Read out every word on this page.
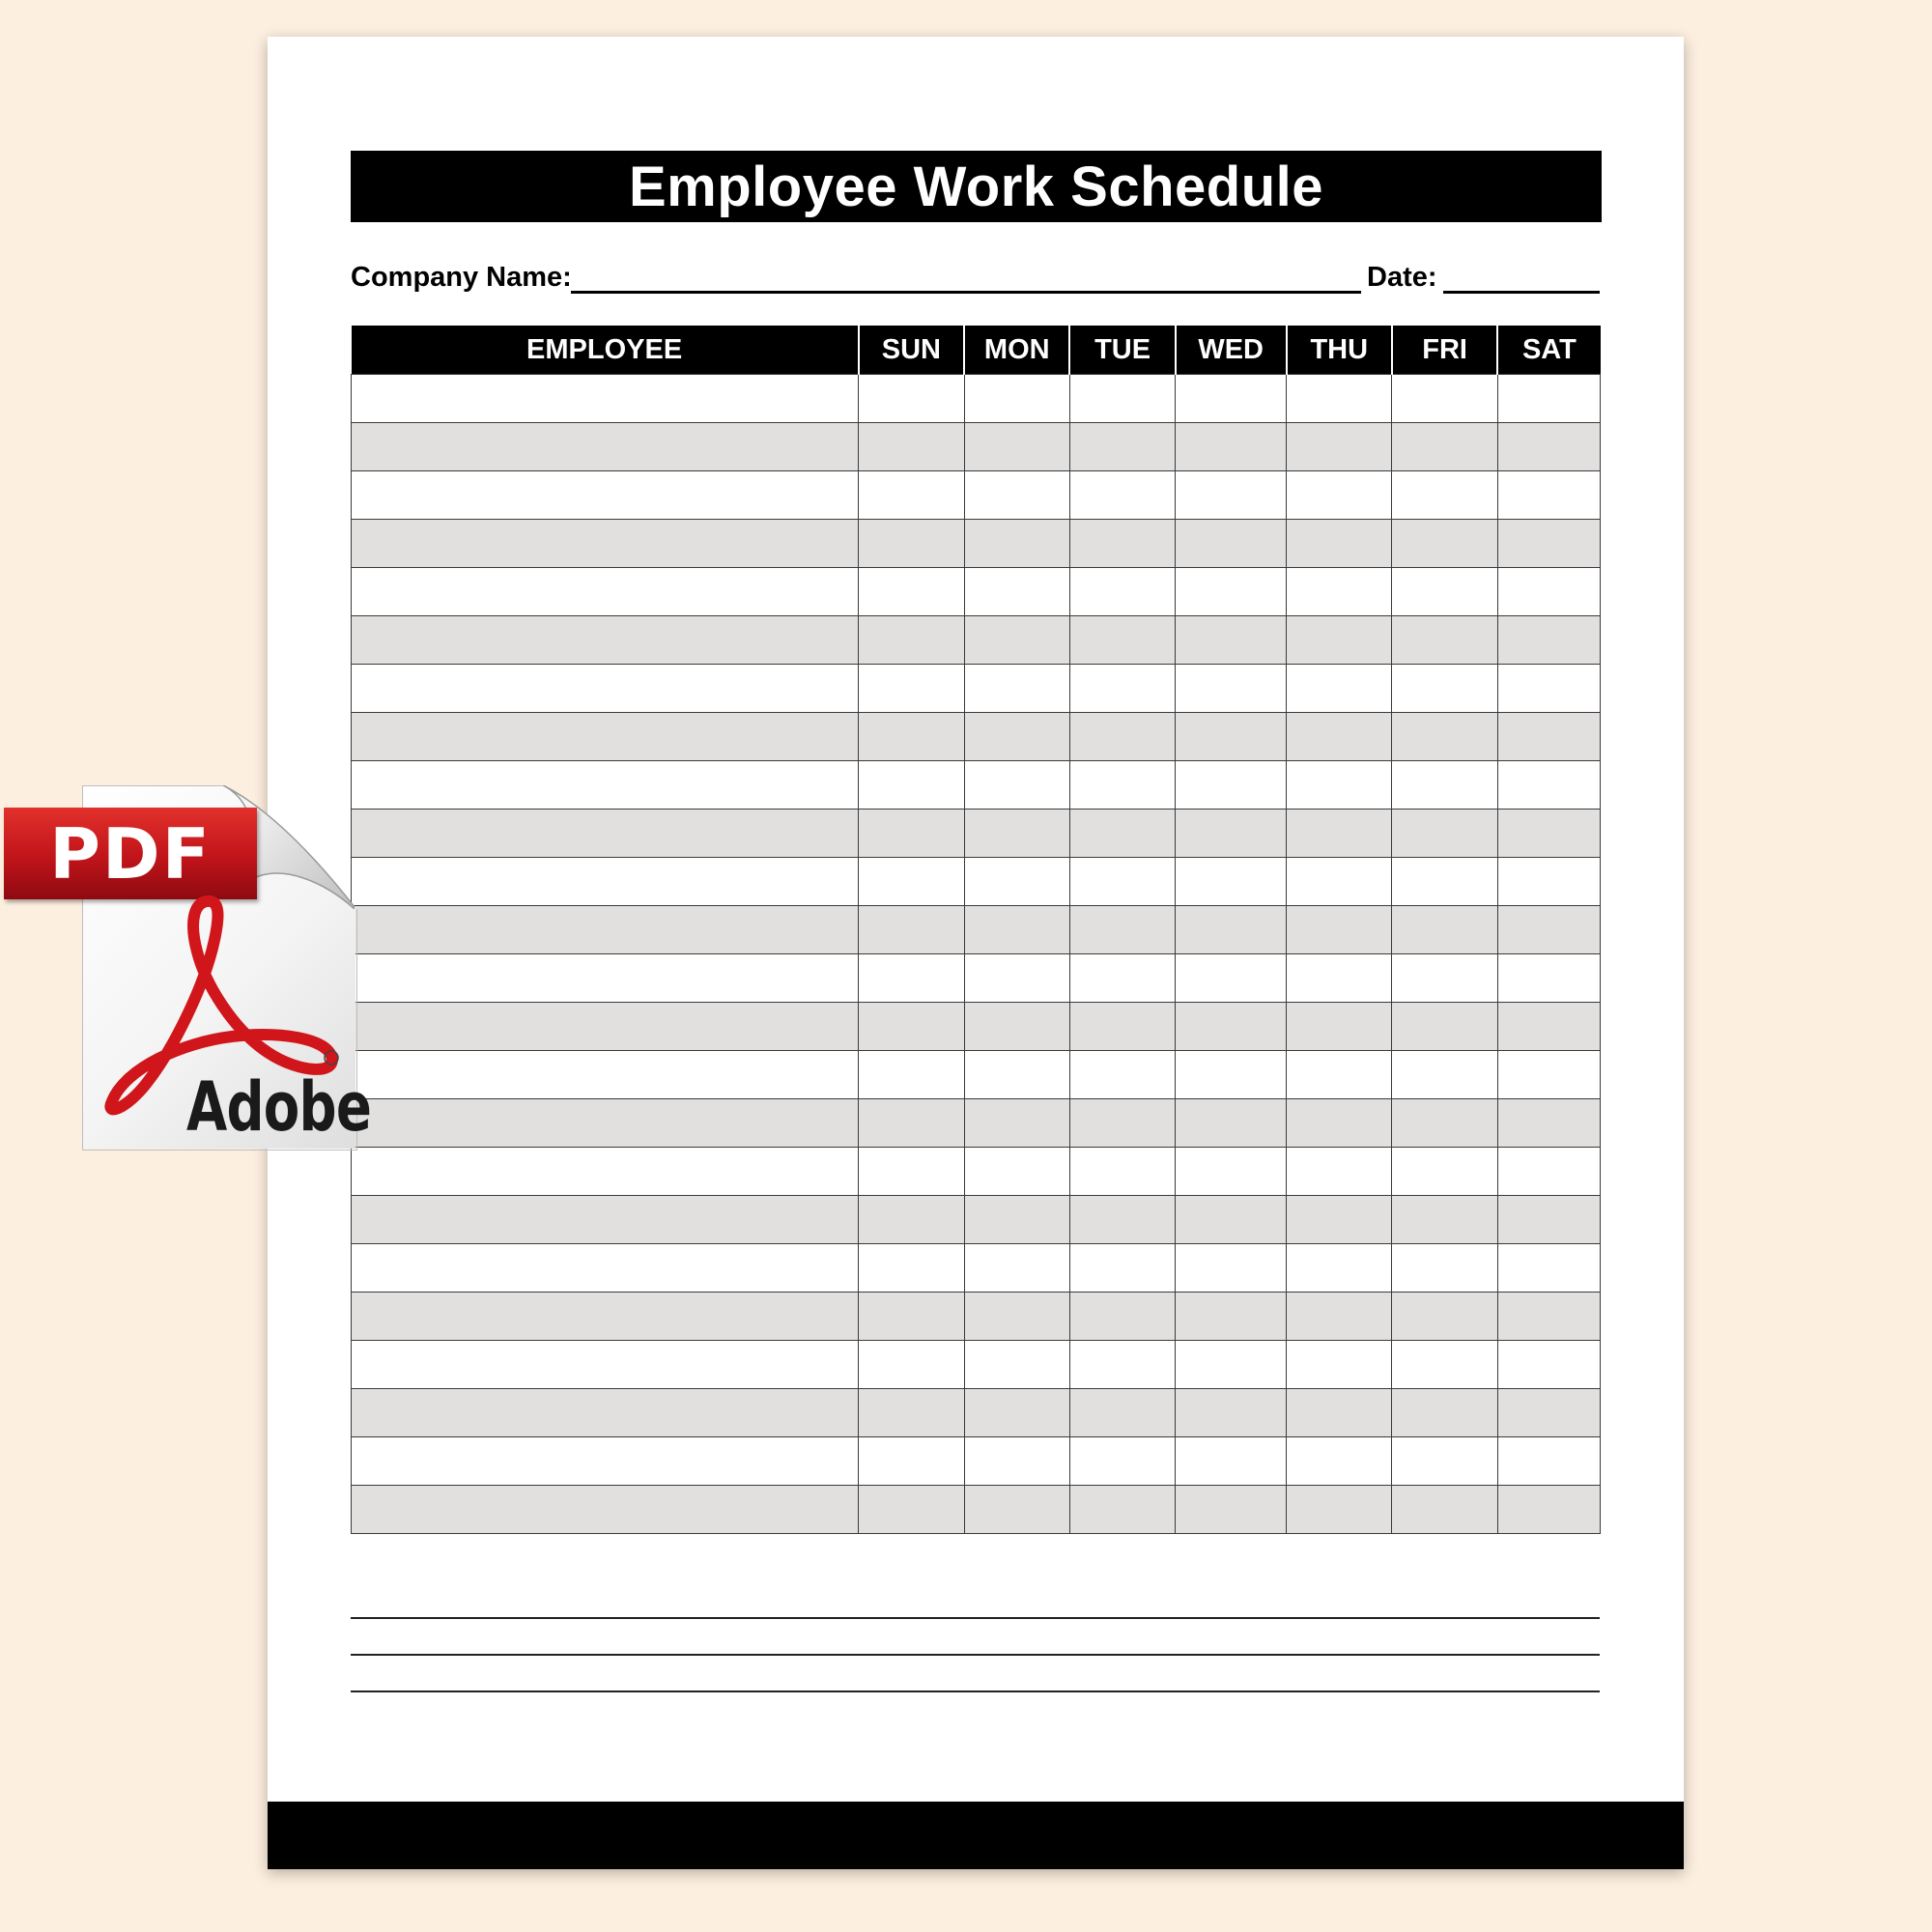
Employee Work Schedule
Company Name:	Date:
EMPLOYEE	SUN	MON	TUE	WED	THU	FRI	SAT

PDF
Adobe
